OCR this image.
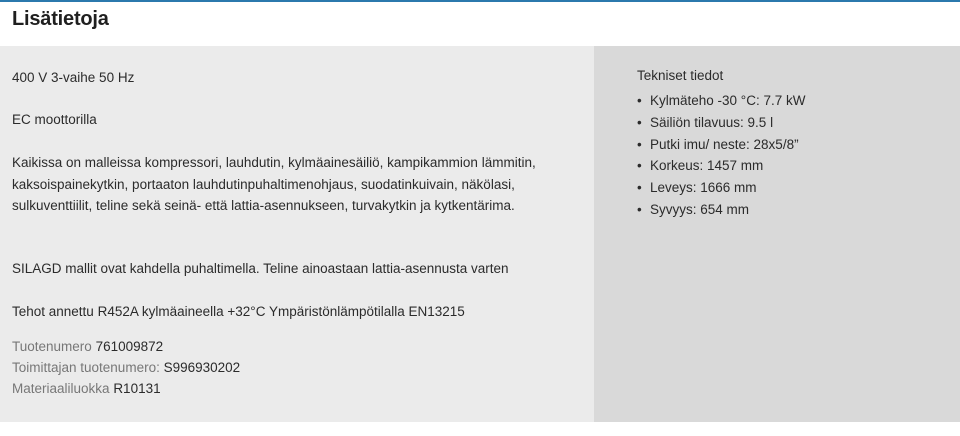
Lisätietoja
400 V 3-vaihe 50 Hz
EC moottorilla
Kaikissa on malleissa kompressori, lauhdutin, kylmäainesäiliö, kampikammion lämmitin, kaksoispainekytkin, portaaton lauhdutinpuhaltimenohjaus, suodatinkuivain, näkölasi, sulkuventtiilit, teline sekä seinä- että lattia-asennukseen, turvakytkin ja kytkentärima.
SILAGD mallit ovat kahdella puhaltimella. Teline ainoastaan lattia-asennusta varten
Tehot annettu R452A kylmäaineella +32°C Ympäristönlämpötilalla EN13215
Tuotenumero 761009872
Toimittajan tuotenumero: S996930202
Materiaaliluokka R10131
Tekniset tiedot
• Kylmäteho -30 °C: 7.7 kW
• Säiliön tilavuus: 9.5 l
• Putki imu/ neste: 28x5/8”
• Korkeus: 1457 mm
• Leveys: 1666 mm
• Syvyys: 654 mm
